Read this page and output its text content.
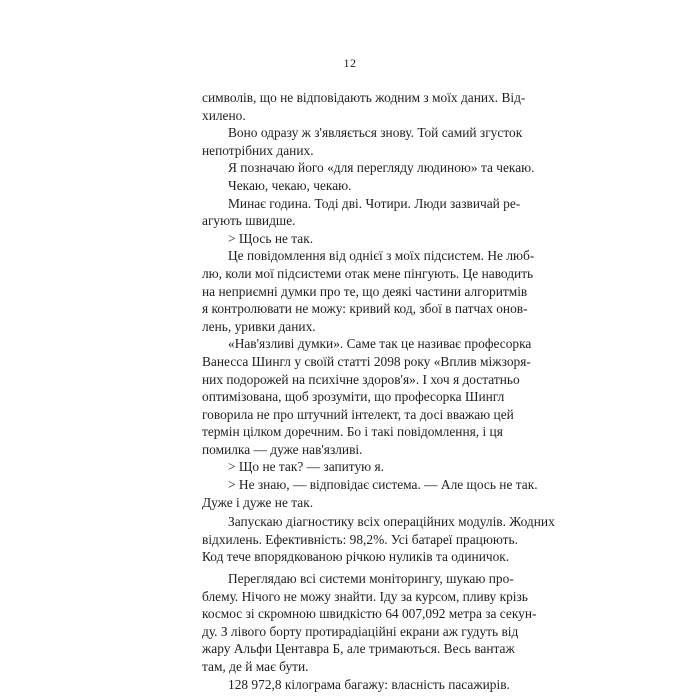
12
символів, що не відповідають жодним з моїх даних. Від-
хилено.
Воно одразу ж з'являється знову. Той самий згусток
непотрібних даних.
Я позначаю його «для перегляду людиною» та чекаю.
Чекаю, чекаю, чекаю.
Минає година. Тоді дві. Чотири. Люди зазвичай ре-
агують швидше.
> Щось не так.
Це повідомлення від однієї з моїх підсистем. Не люб-
лю, коли мої підсистеми отак мене пінгують. Це наводить
на неприємні думки про те, що деякі частини алгоритмів
я контролювати не можу: кривий код, збої в патчах онов-
лень, уривки даних.
«Нав'язливі думки». Саме так це називає професорка
Ванесса Шингл у своїй статті 2098 року «Вплив міжзоря-
них подорожей на психічне здоров'я». І хоч я достатньо
оптимізована, щоб зрозуміти, що професорка Шингл
говорила не про штучний інтелект, та досі вважаю цей
термін цілком доречним. Бо і такі повідомлення, і ця
помилка — дуже нав'язливі.
> Що не так? — запитую я.
> Не знаю, — відповідає система. — Але щось не так.
Дуже і дуже не так.
Запускаю діагностику всіх операційних модулів. Жодних
відхилень. Ефективність: 98,2%. Усі батареї працюють.
Код тече впорядкованою річкою нуликів та одиничок.
Переглядаю всі системи моніторингу, шукаю про-
блему. Нічого не можу знайти. Іду за курсом, пливу крізь
космос зі скромною швидкістю 64 007,092 метра за секун-
ду. З лівого борту протирадіаційні екрани аж гудуть від
жару Альфи Центавра Б, але тримаються. Весь вантаж
там, де й має бути.
128 972,8 кілограма багажу: власність пасажирів.
